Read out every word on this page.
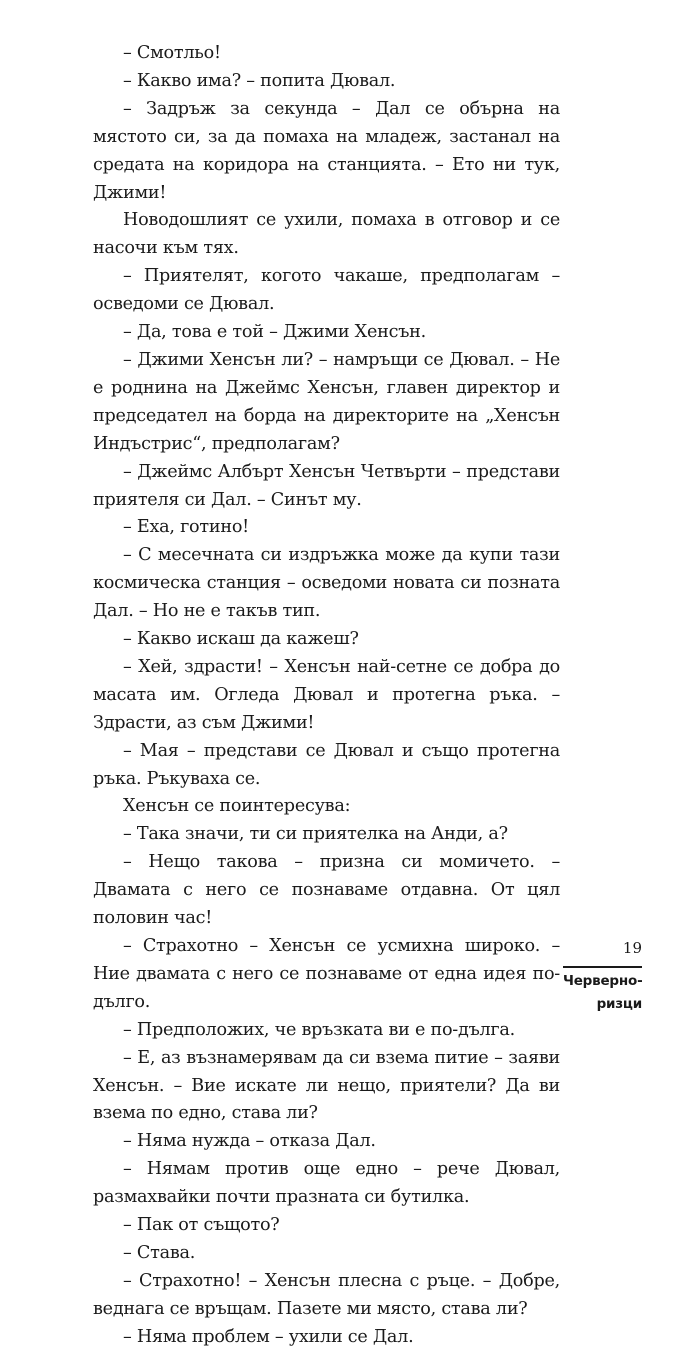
– Смотльо!

– Какво има? – попита Дювал.

– Задръж за секунда – Дал се обърна на мястото си, за да помаха на младеж, застанал на средата на коридора на станцията. – Ето ни тук, Джими!

Новодошлият се ухили, помаха в отговор и се насочи към тях.

– Приятелят, когото чакаше, предполагам – осведоми се Дювал.

– Да, това е той – Джими Хенсън.

– Джими Хенсън ли? – намръщи се Дювал. – Не е роднина на Джеймс Хенсън, главен директор и председател на борда на директорите на „Хенсън Индъстрис“, предполагам?

– Джеймс Албърт Хенсън Четвърти – представи приятеля си Дал. – Синът му.

– Еха, готино!

– С месечната си издръжка може да купи тази космическа станция – осведоми новата си позната Дал. – Но не е такъв тип.

– Какво искаш да кажеш?

– Хей, здрасти! – Хенсън най-сетне се добра до масата им. Огледа Дювал и протегна ръка. – Здрасти, аз съм Джими!

– Мая – представи се Дювал и също протегна ръка. Ръкуваха се.

Хенсън се поинтересува:

– Така значи, ти си приятелка на Анди, а?

– Нещо такова – призна си момичето. – Двамата с него се познаваме отдавна. От цял половин час!

– Страхотно – Хенсън се усмихна широко. – Ние двамата с него се познаваме от една идея по-дълго.

– Предположих, че връзката ви е по-дълга.

– Е, аз възнамерявам да си взема питие – заяви Хенсън. – Вие искате ли нещо, приятели? Да ви взема по едно, става ли?

– Няма нужда – отказа Дал.

– Нямам против още едно – рече Дювал, размахвайки почти празната си бутилка.

– Пак от същото?

– Става.

– Страхотно! – Хенсън плесна с ръце. – Добре, веднага се връщам. Пазете ми място, става ли?

– Няма проблем – ухили се Дал.

19
Черверно-
ризци
